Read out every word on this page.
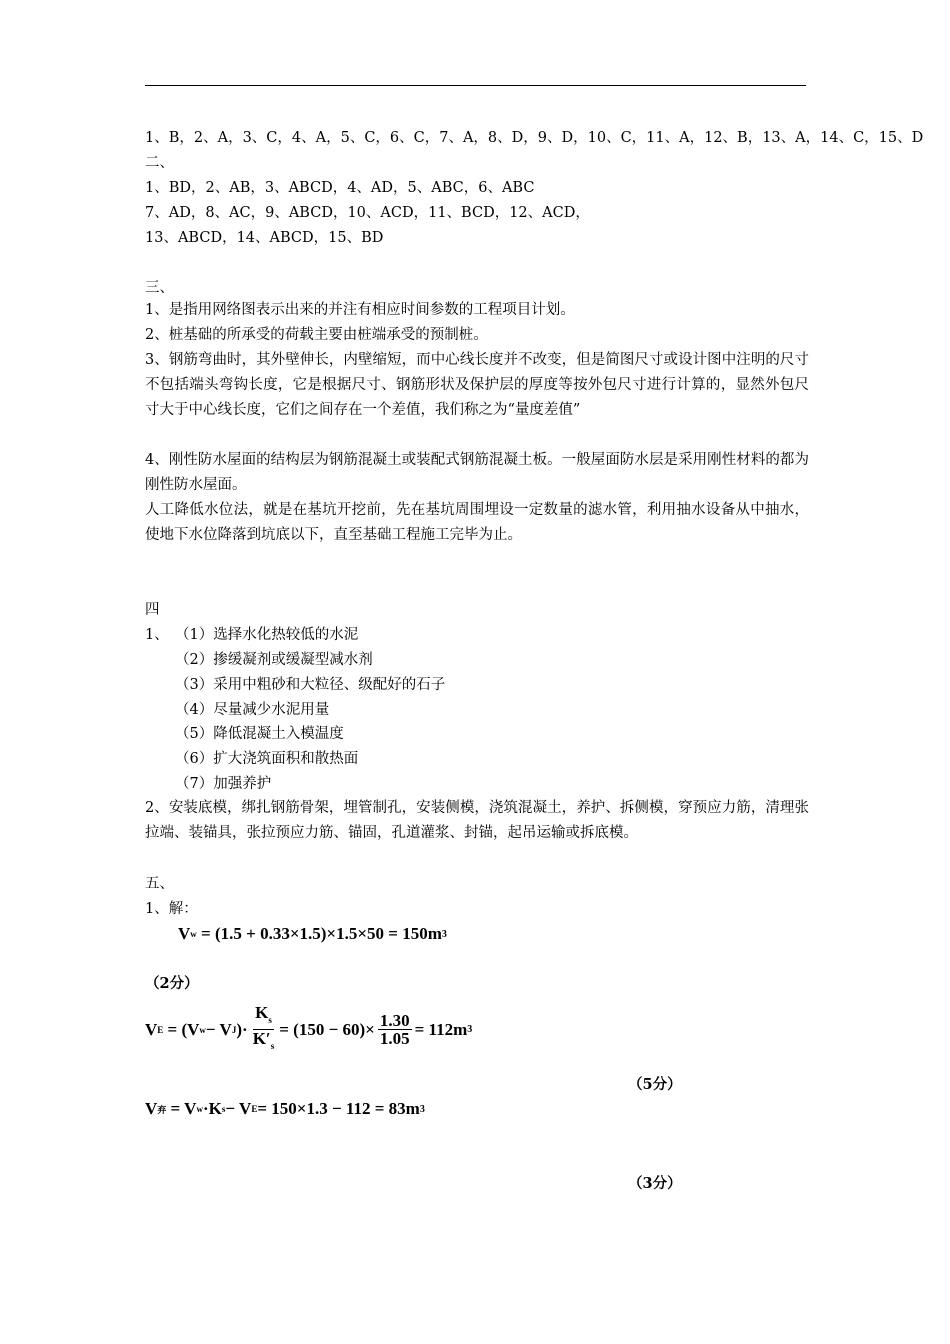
1、B，2、A，3、C，4、A，5、C，6、C，7、A，8、D，9、D，10、C，11、A，12、B，13、A，14、C，15、D
二、
1、BD，2、AB，3、ABCD，4、AD，5、ABC，6、ABC
7、AD，8、AC，9、ABCD，10、ACD，11、BCD，12、ACD，
13、ABCD，14、ABCD，15、BD
三、
1、是指用网络图表示出来的并注有相应时间参数的工程项目计划。
2、桩基础的所承受的荷载主要由桩端承受的预制桩。
3、钢筋弯曲时，其外壁伸长，内壁缩短，而中心线长度并不改变，但是简图尺寸或设计图中注明的尺寸不包括端头弯钩长度，它是根据尺寸、钢筋形状及保护层的厚度等按外包尺寸进行计算的，显然外包尺寸大于中心线长度，它们之间存在一个差值，我们称之为“量度差值”
4、刚性防水屋面的结构层为钢筋混凝土或装配式钢筋混凝土板。一般屋面防水层是采用刚性材料的都为刚性防水屋面。
人工降低水位法，就是在基坑开挖前，先在基坑周围埋设一定数量的滤水管，利用抽水设备从中抽水，使地下水位降落到坑底以下，直至基础工程施工完毕为止。
四
1、 （1）选择水化热较低的水泥
（2）掺缓凝剂或缓凝型减水剂
（3）采用中粗砂和大粒径、级配好的石子
（4）尽量减少水泥用量
（5）降低混凝土入模温度
（6）扩大浇筑面积和散热面
（7）加强养护
2、安装底模，绑扎钢筋骨架，埋管制孔，安装侧模，浇筑混凝土，养护、拆侧模，穿预应力筋，清理张拉端、装锚具，张拉预应力筋、锚固，孔道灌浆、封锚，起吊运输或拆底模。
五、
1、解：
V w
= (1.5 + 0.33×1.5)×1.5×50 = 150m 3
（2分）
V E
= (V w − V J )· $\frac{K_s}{K'_s} = (150 - 60)\times \frac{1.30}{1.05} = 112m$ 3
（5分）
V 弃
= V w ·K s − V E = 150×1.3 − 112 = 83m 3
（3分）
